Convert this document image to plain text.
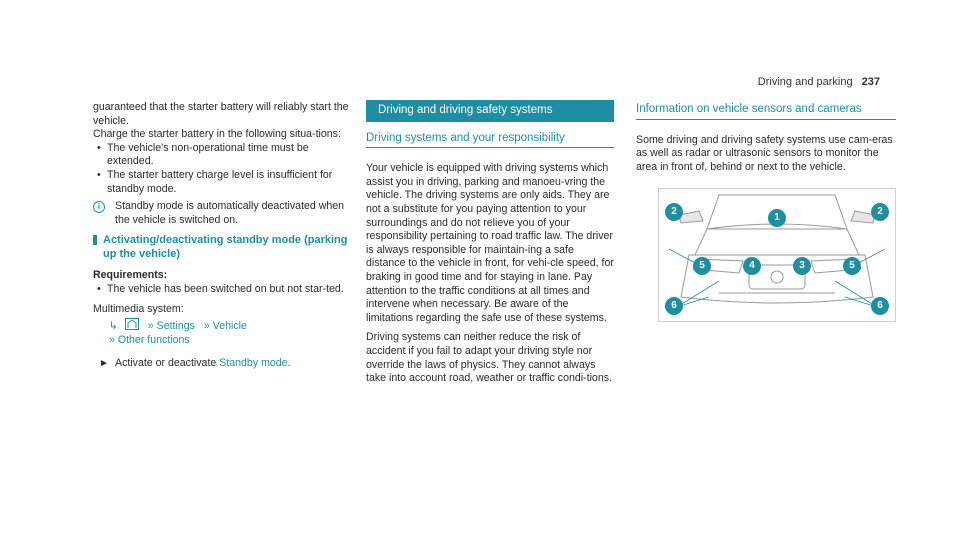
Driving and parking 237

guaranteed that the starter battery will reliably start the vehicle.

Charge the starter battery in the following situa-tions:

• The vehicle's non-operational time must be extended.
• The starter battery charge level is insufficient for standby mode.
i	Standby mode is automatically deactivated when the vehicle is switched on.
Activating/deactivating standby mode (parking up the vehicle)

Requirements:

• The vehicle has been switched on but not star-ted.

Multimedia system:

↳	» Settings » Vehicle
» Other functions
► Activate or deactivate Standby mode.
Driving and driving safety systems
Driving systems and your responsibility

Your vehicle is equipped with driving systems which assist you in driving, parking and manoeu-vring the vehicle. The driving systems are only aids. They are not a substitute for you paying attention to your surroundings and do not relieve you of your responsibility pertaining to road traffic law. The driver is always responsible for maintain-ing a safe distance to the vehicle in front, for vehi-cle speed, for braking in good time and for staying in lane. Pay attention to the traffic conditions at all times and intervene when necessary. Be aware of the limitations regarding the safe use of these systems.

Driving systems can neither reduce the risk of accident if you fail to adapt your driving style nor override the laws of physics. They cannot always take into account road, weather or traffic condi-tions.

Information on vehicle sensors and cameras

Some driving and driving safety systems use cam-eras as well as radar or ultrasonic sensors to monitor the area in front of, behind or next to the vehicle.

1
2	2
3
4
5	5
6	6
